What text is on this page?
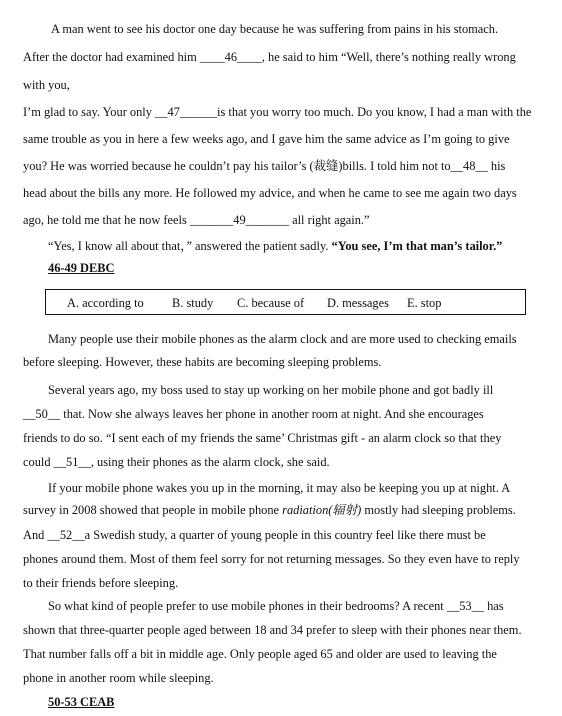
A man went to see his doctor one day because he was suffering from pains in his stomach.
After the doctor had examined him ____46____, he said to him “Well, there’s nothing really wrong
with you,
I’m glad to say. Your only __47______is that you worry too much. Do you know, I had a man with the
same trouble as you in here a few weeks ago, and I gave him the same advice as I’m going to give
you? He was worried because he couldn’t pay his tailor’s (裁缝)bills. I told him not to__48__ his
head about the bills any more. He followed my advice, and when he came to see me again two days
ago, he told me that he now feels _______49_______ all right again.”
“Yes, I know all about that，” answered the patient sadly. “You see, I’m that man’s tailor.”
46-49 DEBC
A. according to B. study C. because of D. messages E. stop
Many people use their mobile phones as the alarm clock and are more used to checking emails
before sleeping. However, these habits are becoming sleeping problems.
Several years ago, my boss used to stay up working on her mobile phone and got badly ill
__50__ that. Now she always leaves her phone in another room at night. And she encourages
friends to do so. “I sent each of my friends the same’ Christmas gift - an alarm clock so that they
could __51__, using their phones as the alarm clock, she said.
If your mobile phone wakes you up in the morning, it may also be keeping you up at night. A
survey in 2008 showed that people in mobile phone radiation(辐射) mostly had sleeping problems.
And __52__a Swedish study, a quarter of young people in this country feel like there must be
phones around them. Most of them feel sorry for not returning messages. So they even have to reply
to their friends before sleeping.
So what kind of people prefer to use mobile phones in their bedrooms? A recent __53__ has
shown that three-quarter people aged between 18 and 34 prefer to sleep with their phones near them.
That number falls off a bit in middle age. Only people aged 65 and older are used to leaving the
phone in another room while sleeping.
50-53 CEAB
